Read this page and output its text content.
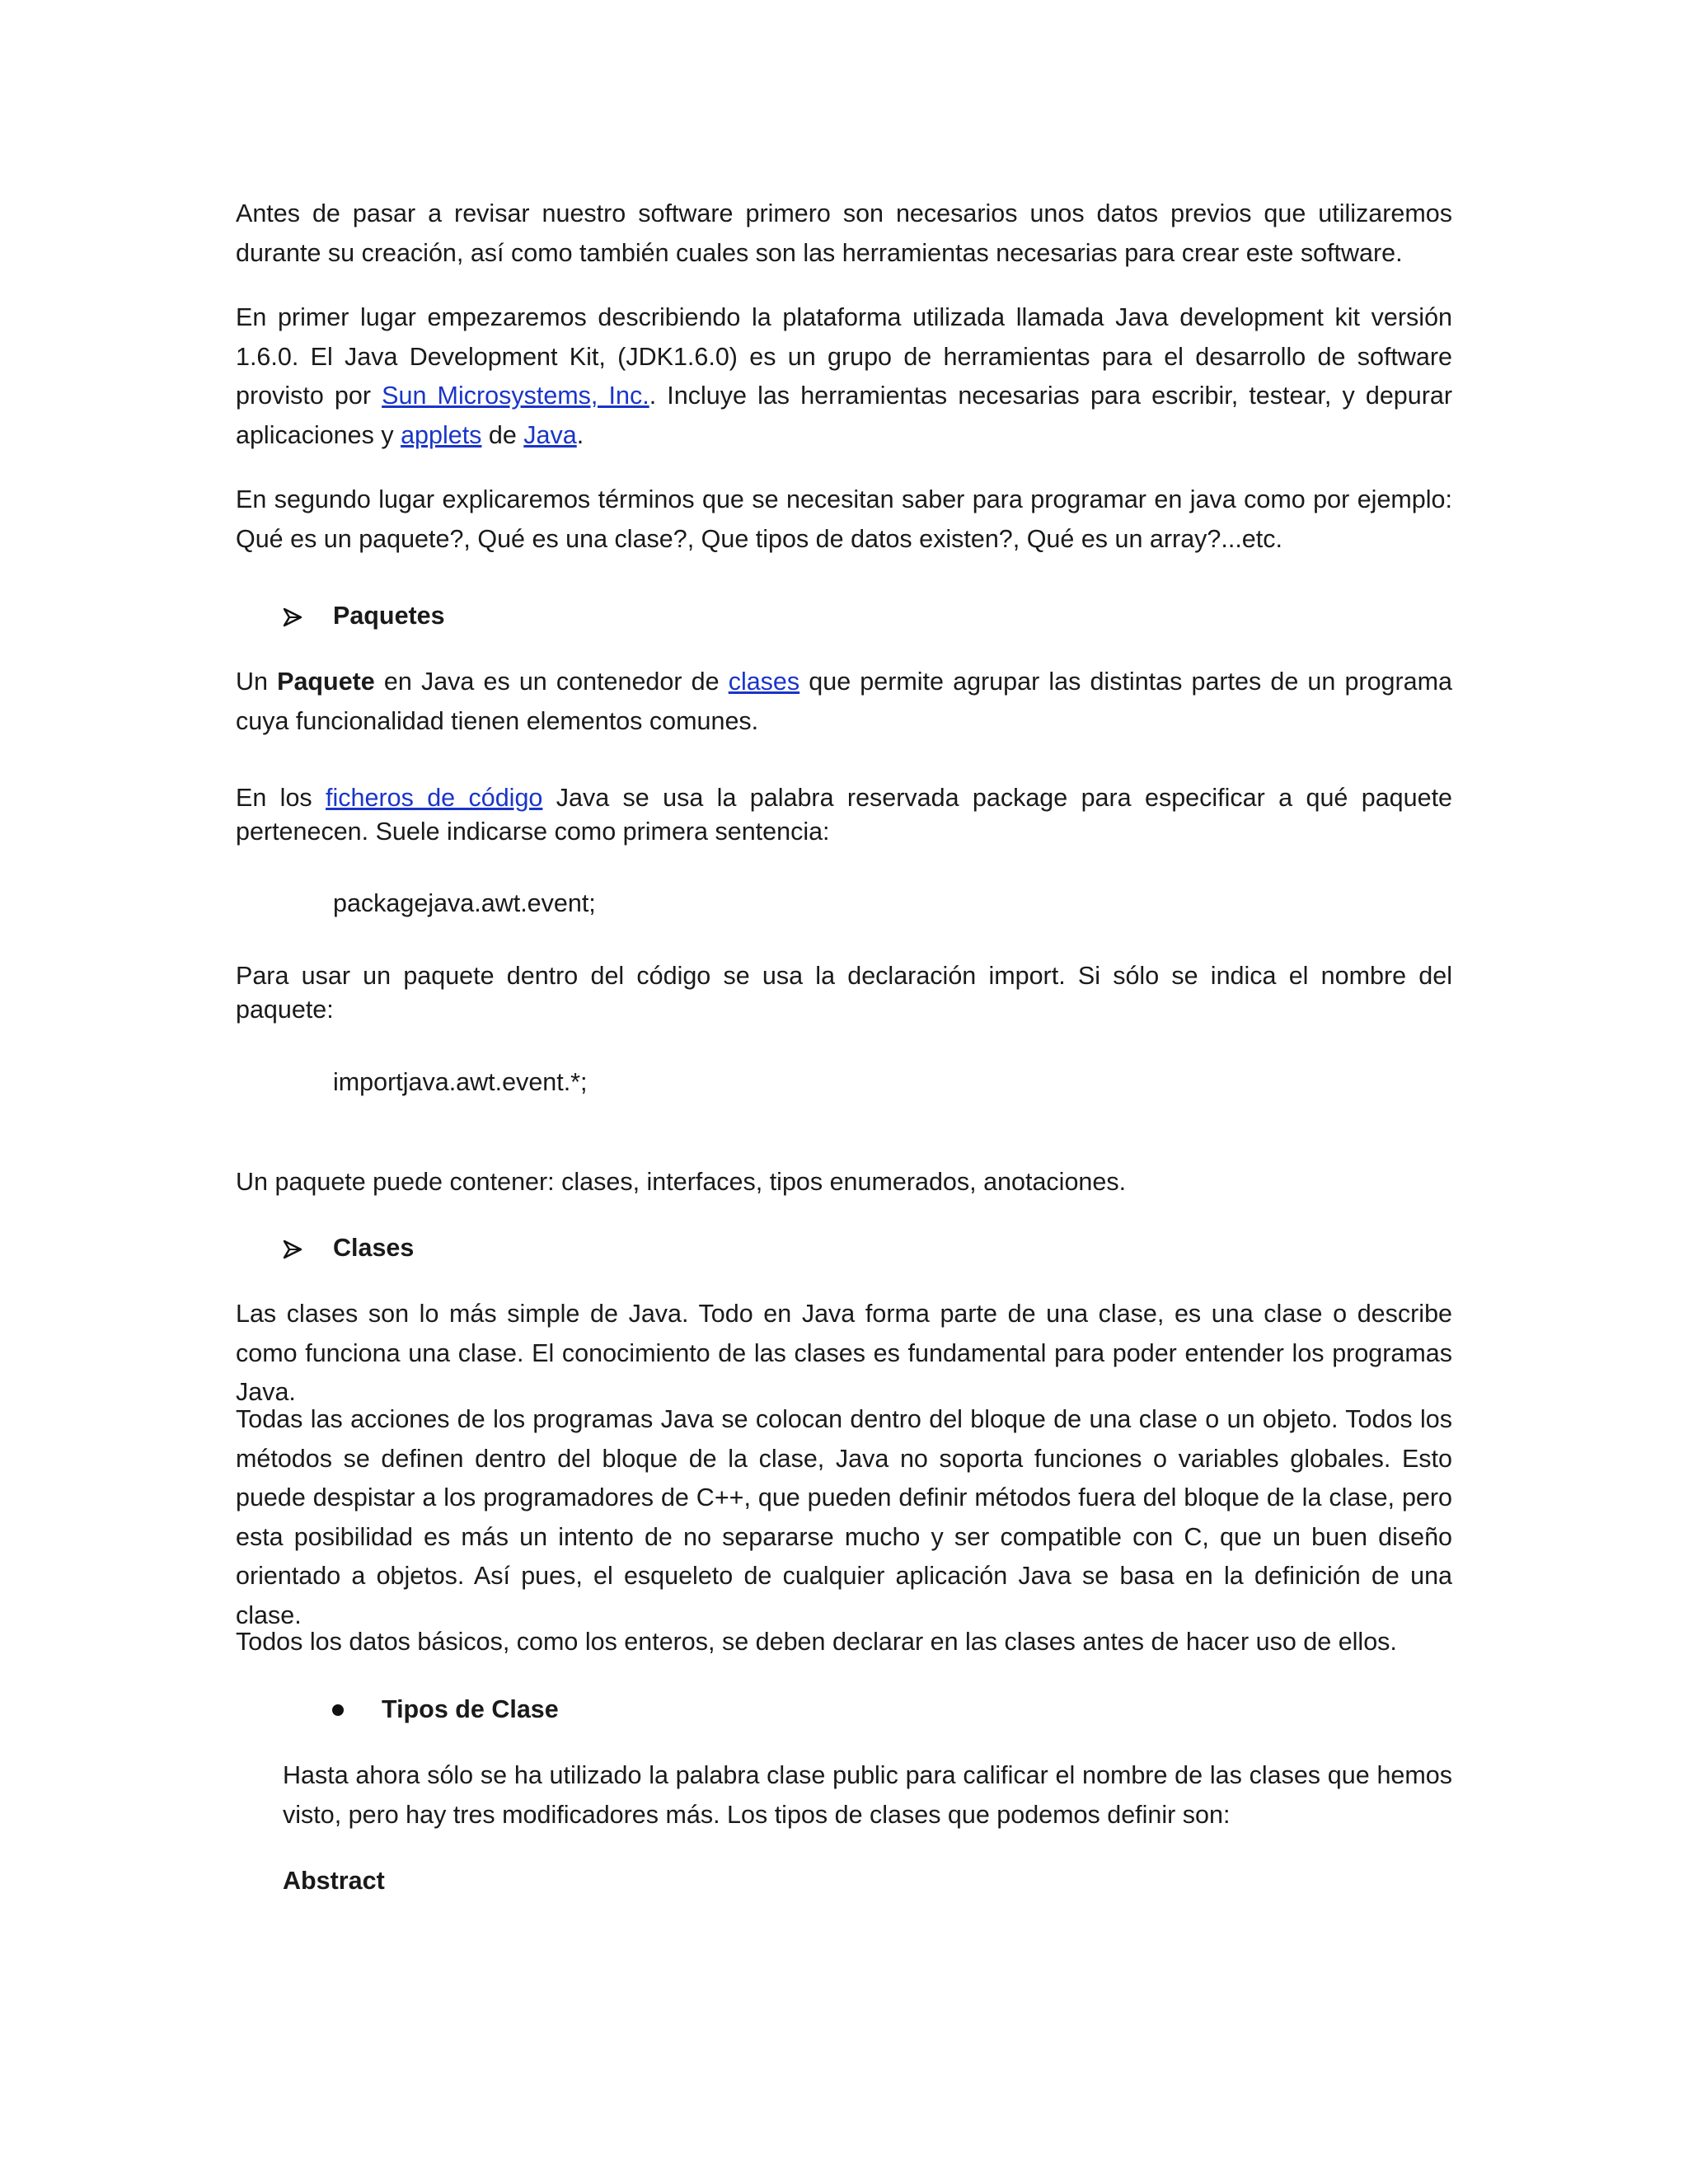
Antes de pasar a revisar nuestro software primero son necesarios unos datos previos que utilizaremos durante su creación, así como también cuales son las herramientas necesarias para crear este software.

En primer lugar empezaremos describiendo la plataforma utilizada llamada Java development kit versión 1.6.0. El Java Development Kit, (JDK1.6.0) es un grupo de herramientas para el desarrollo de software provisto por Sun Microsystems, Inc.. Incluye las herramientas necesarias para escribir, testear, y depurar aplicaciones y applets de Java.

En segundo lugar explicaremos términos que se necesitan saber para programar en java como por ejemplo: Qué es un paquete?, Qué es una clase?, Que tipos de datos existen?, Qué es un array?...etc.

Paquetes

Un Paquete en Java es un contenedor de clases que permite agrupar las distintas partes de un programa cuya funcionalidad tienen elementos comunes.

En los ficheros de código Java se usa la palabra reservada package para especificar a qué paquete pertenecen. Suele indicarse como primera sentencia:

packagejava.awt.event;

Para usar un paquete dentro del código se usa la declaración import. Si sólo se indica el nombre del paquete:

importjava.awt.event.*;

Un paquete puede contener: clases, interfaces, tipos enumerados, anotaciones.

Clases

Las clases son lo más simple de Java. Todo en Java forma parte de una clase, es una clase o describe como funciona una clase. El conocimiento de las clases es fundamental para poder entender los programas Java.

Todas las acciones de los programas Java se colocan dentro del bloque de una clase o un objeto. Todos los métodos se definen dentro del bloque de la clase, Java no soporta funciones o variables globales. Esto puede despistar a los programadores de C++, que pueden definir métodos fuera del bloque de la clase, pero esta posibilidad es más un intento de no separarse mucho y ser compatible con C, que un buen diseño orientado a objetos. Así pues, el esqueleto de cualquier aplicación Java se basa en la definición de una clase.

Todos los datos básicos, como los enteros, se deben declarar en las clases antes de hacer uso de ellos.

Tipos de Clase

Hasta ahora sólo se ha utilizado la palabra clase public para calificar el nombre de las clases que hemos visto, pero hay tres modificadores más. Los tipos de clases que podemos definir son:

Abstract
